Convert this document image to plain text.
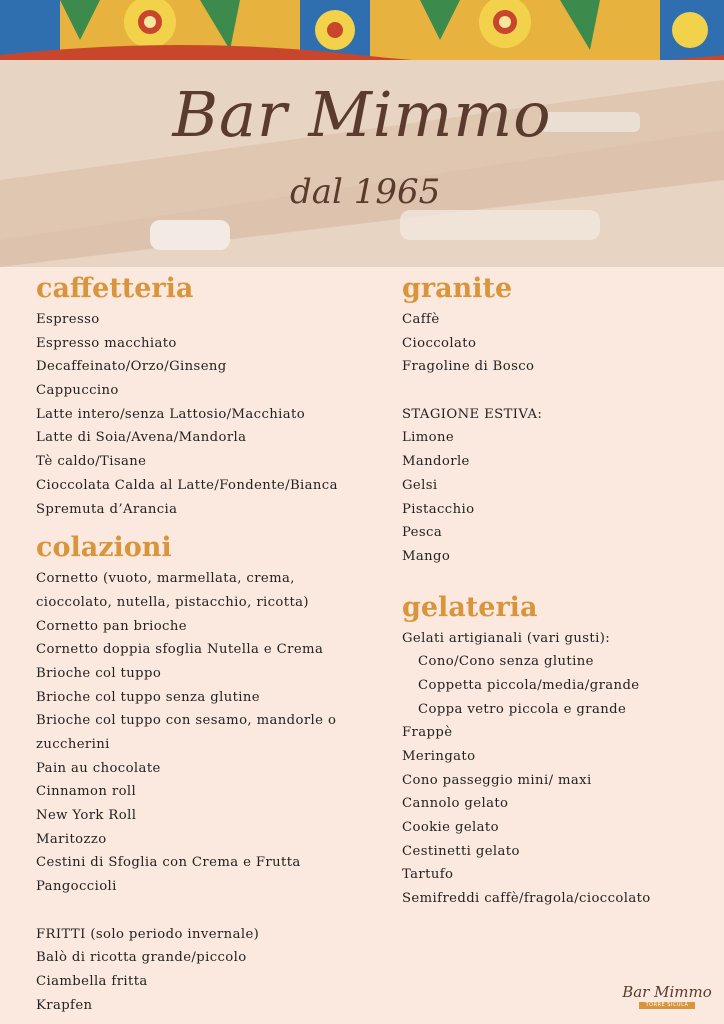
Bar Mimmo
dal 1965
caffetteria
Espresso
Espresso macchiato
Decaffeinato/Orzo/Ginseng
Cappuccino
Latte intero/senza Lattosio/Macchiato
Latte di Soia/Avena/Mandorla
Tè caldo/Tisane
Cioccolata Calda al Latte/Fondente/Bianca
Spremuta d’Arancia
colazioni
Cornetto (vuoto, marmellata, crema,
cioccolato, nutella, pistacchio, ricotta)
Cornetto pan brioche
Cornetto doppia sfoglia Nutella e Crema
Brioche col tuppo
Brioche col tuppo senza glutine
Brioche col tuppo con sesamo, mandorle o
zuccherini
Pain au chocolate
Cinnamon roll
New York Roll
Maritozzo
Cestini di Sfoglia con Crema e Frutta
Pangoccioli
FRITTI (solo periodo invernale)
Balò di ricotta grande/piccolo
Ciambella fritta
Krapfen
granite
Caffè
Cioccolato
Fragoline di Bosco
STAGIONE ESTIVA:
Limone
Mandorle
Gelsi
Pistacchio
Pesca
Mango
gelateria
Gelati artigianali (vari gusti):
Cono/Cono senza glutine
Coppetta piccola/media/grande
Coppa vetro piccola e grande
Frappè
Meringato
Cono passeggio mini/ maxi
Cannolo gelato
Cookie gelato
Cestinetti gelato
Tartufo
Semifreddi caffè/fragola/cioccolato
Bar Mimmo
TORRE SICULA
